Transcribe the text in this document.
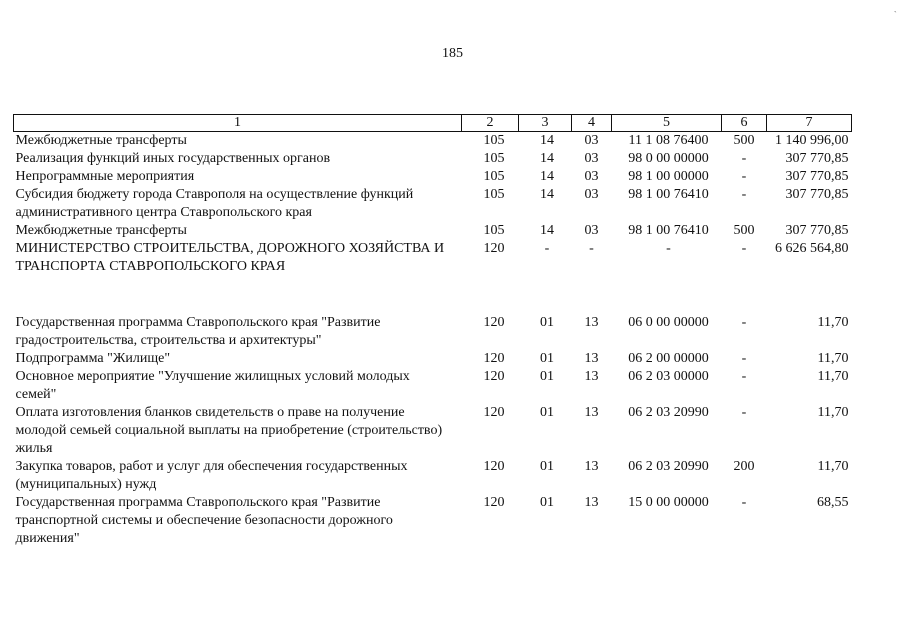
ˎ
185
1	2	3	4	5	6	7
Межбюджетные трансферты	105	14	03	11 1 08 76400	500	1 140 996,00
Реализация функций иных государственных органов	105	14	03	98 0 00 00000	-	307 770,85
Непрограммные мероприятия	105	14	03	98 1 00 00000	-	307 770,85
Субсидия бюджету города Ставрополя на осуществление функций административного центра Ставропольского края	105	14	03	98 1 00 76410	-	307 770,85
Межбюджетные трансферты	105	14	03	98 1 00 76410	500	307 770,85
МИНИСТЕРСТВО СТРОИТЕЛЬСТВА, ДОРОЖНОГО ХОЗЯЙСТВА И ТРАНСПОРТА СТАВРОПОЛЬСКОГО КРАЯ	120	-	-	-	-	6 626 564,80

Государственная программа Ставропольского края "Развитие градостроительства, строительства и архитектуры"	120	01	13	06 0 00 00000	-	11,70
Подпрограмма "Жилище"	120	01	13	06 2 00 00000	-	11,70
Основное мероприятие "Улучшение жилищных условий молодых семей"	120	01	13	06 2 03 00000	-	11,70
Оплата изготовления бланков свидетельств о праве на получение молодой семьей социальной выплаты на приобретение (строительство) жилья	120	01	13	06 2 03 20990	-	11,70
Закупка товаров, работ и услуг для обеспечения государственных (муниципальных) нужд	120	01	13	06 2 03 20990	200	11,70
Государственная программа Ставропольского края "Развитие транспортной системы и обеспечение безопасности дорожного движения"	120	01	13	15 0 00 00000	-	68,55
